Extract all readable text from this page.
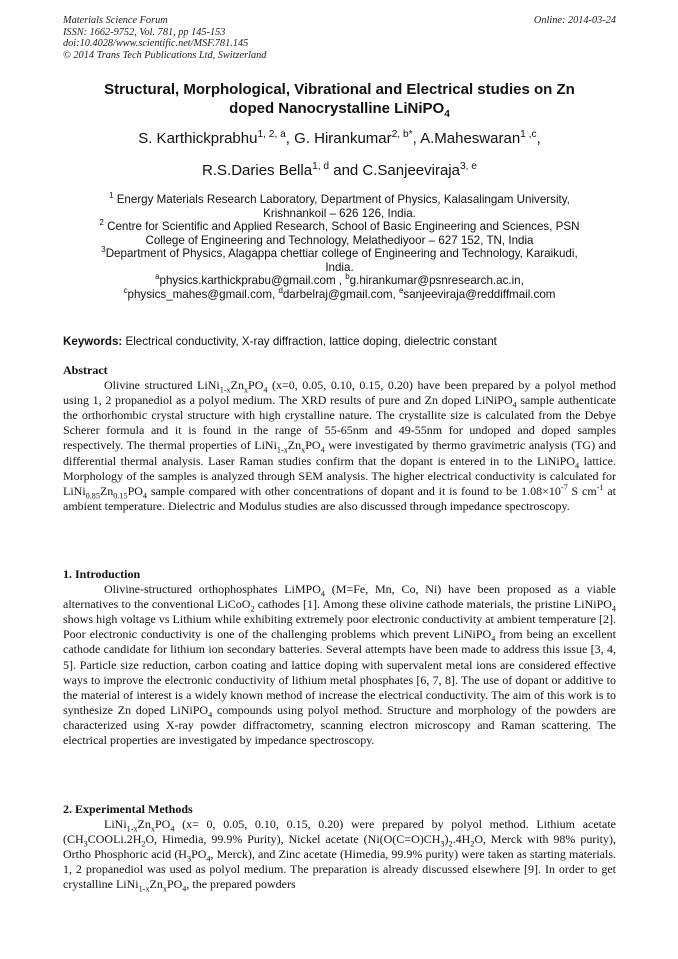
Materials Science Forum
ISSN: 1662-9752, Vol. 781, pp 145-153
doi:10.4028/www.scientific.net/MSF.781.145
© 2014 Trans Tech Publications Ltd, Switzerland
Online: 2014-03-24
Structural, Morphological, Vibrational and Electrical studies on Zn
doped Nanocrystalline LiNiPO$_4$
S. Karthickprabhu$^{1, 2, a}$, G. Hirankumar$^{2, b*}$, A.Maheswaran$^{1 ,c}$,
R.S.Daries Bella$^{1, d}$ and C.Sanjeeviraja$^{3, e}$

$^1$ Energy Materials Research Laboratory, Department of Physics, Kalasalingam University,

Krishnankoil – 626 126, India.

$^2$ Centre for Scientific and Applied Research, School of Basic Engineering and Sciences, PSN

College of Engineering and Technology, Melathediyoor – 627 152, TN, India

$^3$Department of Physics, Alagappa chettiar college of Engineering and Technology, Karaikudi,

India.

$^a$physics.karthickprabu@gmail.com , $^b$g.hirankumar@psnresearch.ac.in,

$^c$physics_mahes@gmail.com, $^d$darbelraj@gmail.com, $^e$sanjeeviraja@reddiffmail.com

Keywords: Electrical conductivity, X-ray diffraction, lattice doping, dielectric constant
Abstract

Olivine structured $LiNi_{1-x}Zn_xPO_4$ (x=0, 0.05, 0.10, 0.15, 0.20) have been prepared by a polyol method using 1, 2 propanediol as a polyol medium. The XRD results of pure and Zn doped LiNiPO$_4$ sample authenticate the orthorhombic crystal structure with high crystalline nature. The crystallite size is calculated from the Debye Scherer formula and it is found in the range of 55-65nm and 49-55nm for undoped and doped samples respectively. The thermal properties of $LiNi_{1-x}Zn_xPO_4$ were investigated by thermo gravimetric analysis (TG) and differential thermal analysis. Laser Raman studies confirm that the dopant is entered in to the LiNiPO$_4$ lattice. Morphology of the samples is analyzed through SEM analysis. The higher electrical conductivity is calculated for $LiNi_{0.85}Zn_{0.15}PO_4$ sample compared with other concentrations of dopant and it is found to be $1.08\times 10^{-7}$ S $cm^{-1}$ at ambient temperature. Dielectric and Modulus studies are also discussed through impedance spectroscopy.

1. Introduction

Olivine-structured orthophosphates LiMPO$_4$ (M=Fe, Mn, Co, Ni) have been proposed as a viable alternatives to the conventional LiCoO$_2$ cathodes [1]. Among these olivine cathode materials, the pristine LiNiPO$_4$ shows high voltage vs Lithium while exhibiting extremely poor electronic conductivity at ambient temperature [2]. Poor electronic conductivity is one of the challenging problems which prevent LiNiPO$_4$ from being an excellent cathode candidate for lithium ion secondary batteries. Several attempts have been made to address this issue [3, 4, 5]. Particle size reduction, carbon coating and lattice doping with supervalent metal ions are considered effective ways to improve the electronic conductivity of lithium metal phosphates [6, 7, 8]. The use of dopant or additive to the material of interest is a widely known method of increase the electrical conductivity. The aim of this work is to synthesize Zn doped LiNiPO$_4$ compounds using polyol method. Structure and morphology of the powders are characterized using X-ray powder diffractometry, scanning electron microscopy and Raman scattering. The electrical properties are investigated by impedance spectroscopy.

2. Experimental Methods

$LiNi_{1-x}Zn_xPO_4$ (x= 0, 0.05, 0.10, 0.15, 0.20) were prepared by polyol method. Lithium acetate ($CH_3COOLi.2H_2O$, Himedia, 99.9% Purity), Nickel acetate ($Ni(O(C=O)CH_3)_2.4H_2O$, Merck with 98% purity), Ortho Phosphoric acid ($H_3PO_4$, Merck), and Zinc acetate (Himedia, 99.9% purity) were taken as starting materials. 1, 2 propanediol was used as polyol medium. The preparation is already discussed elsewhere [9]. In order to get crystalline $LiNi_{1-x}Zn_xPO_4$, the prepared powders
